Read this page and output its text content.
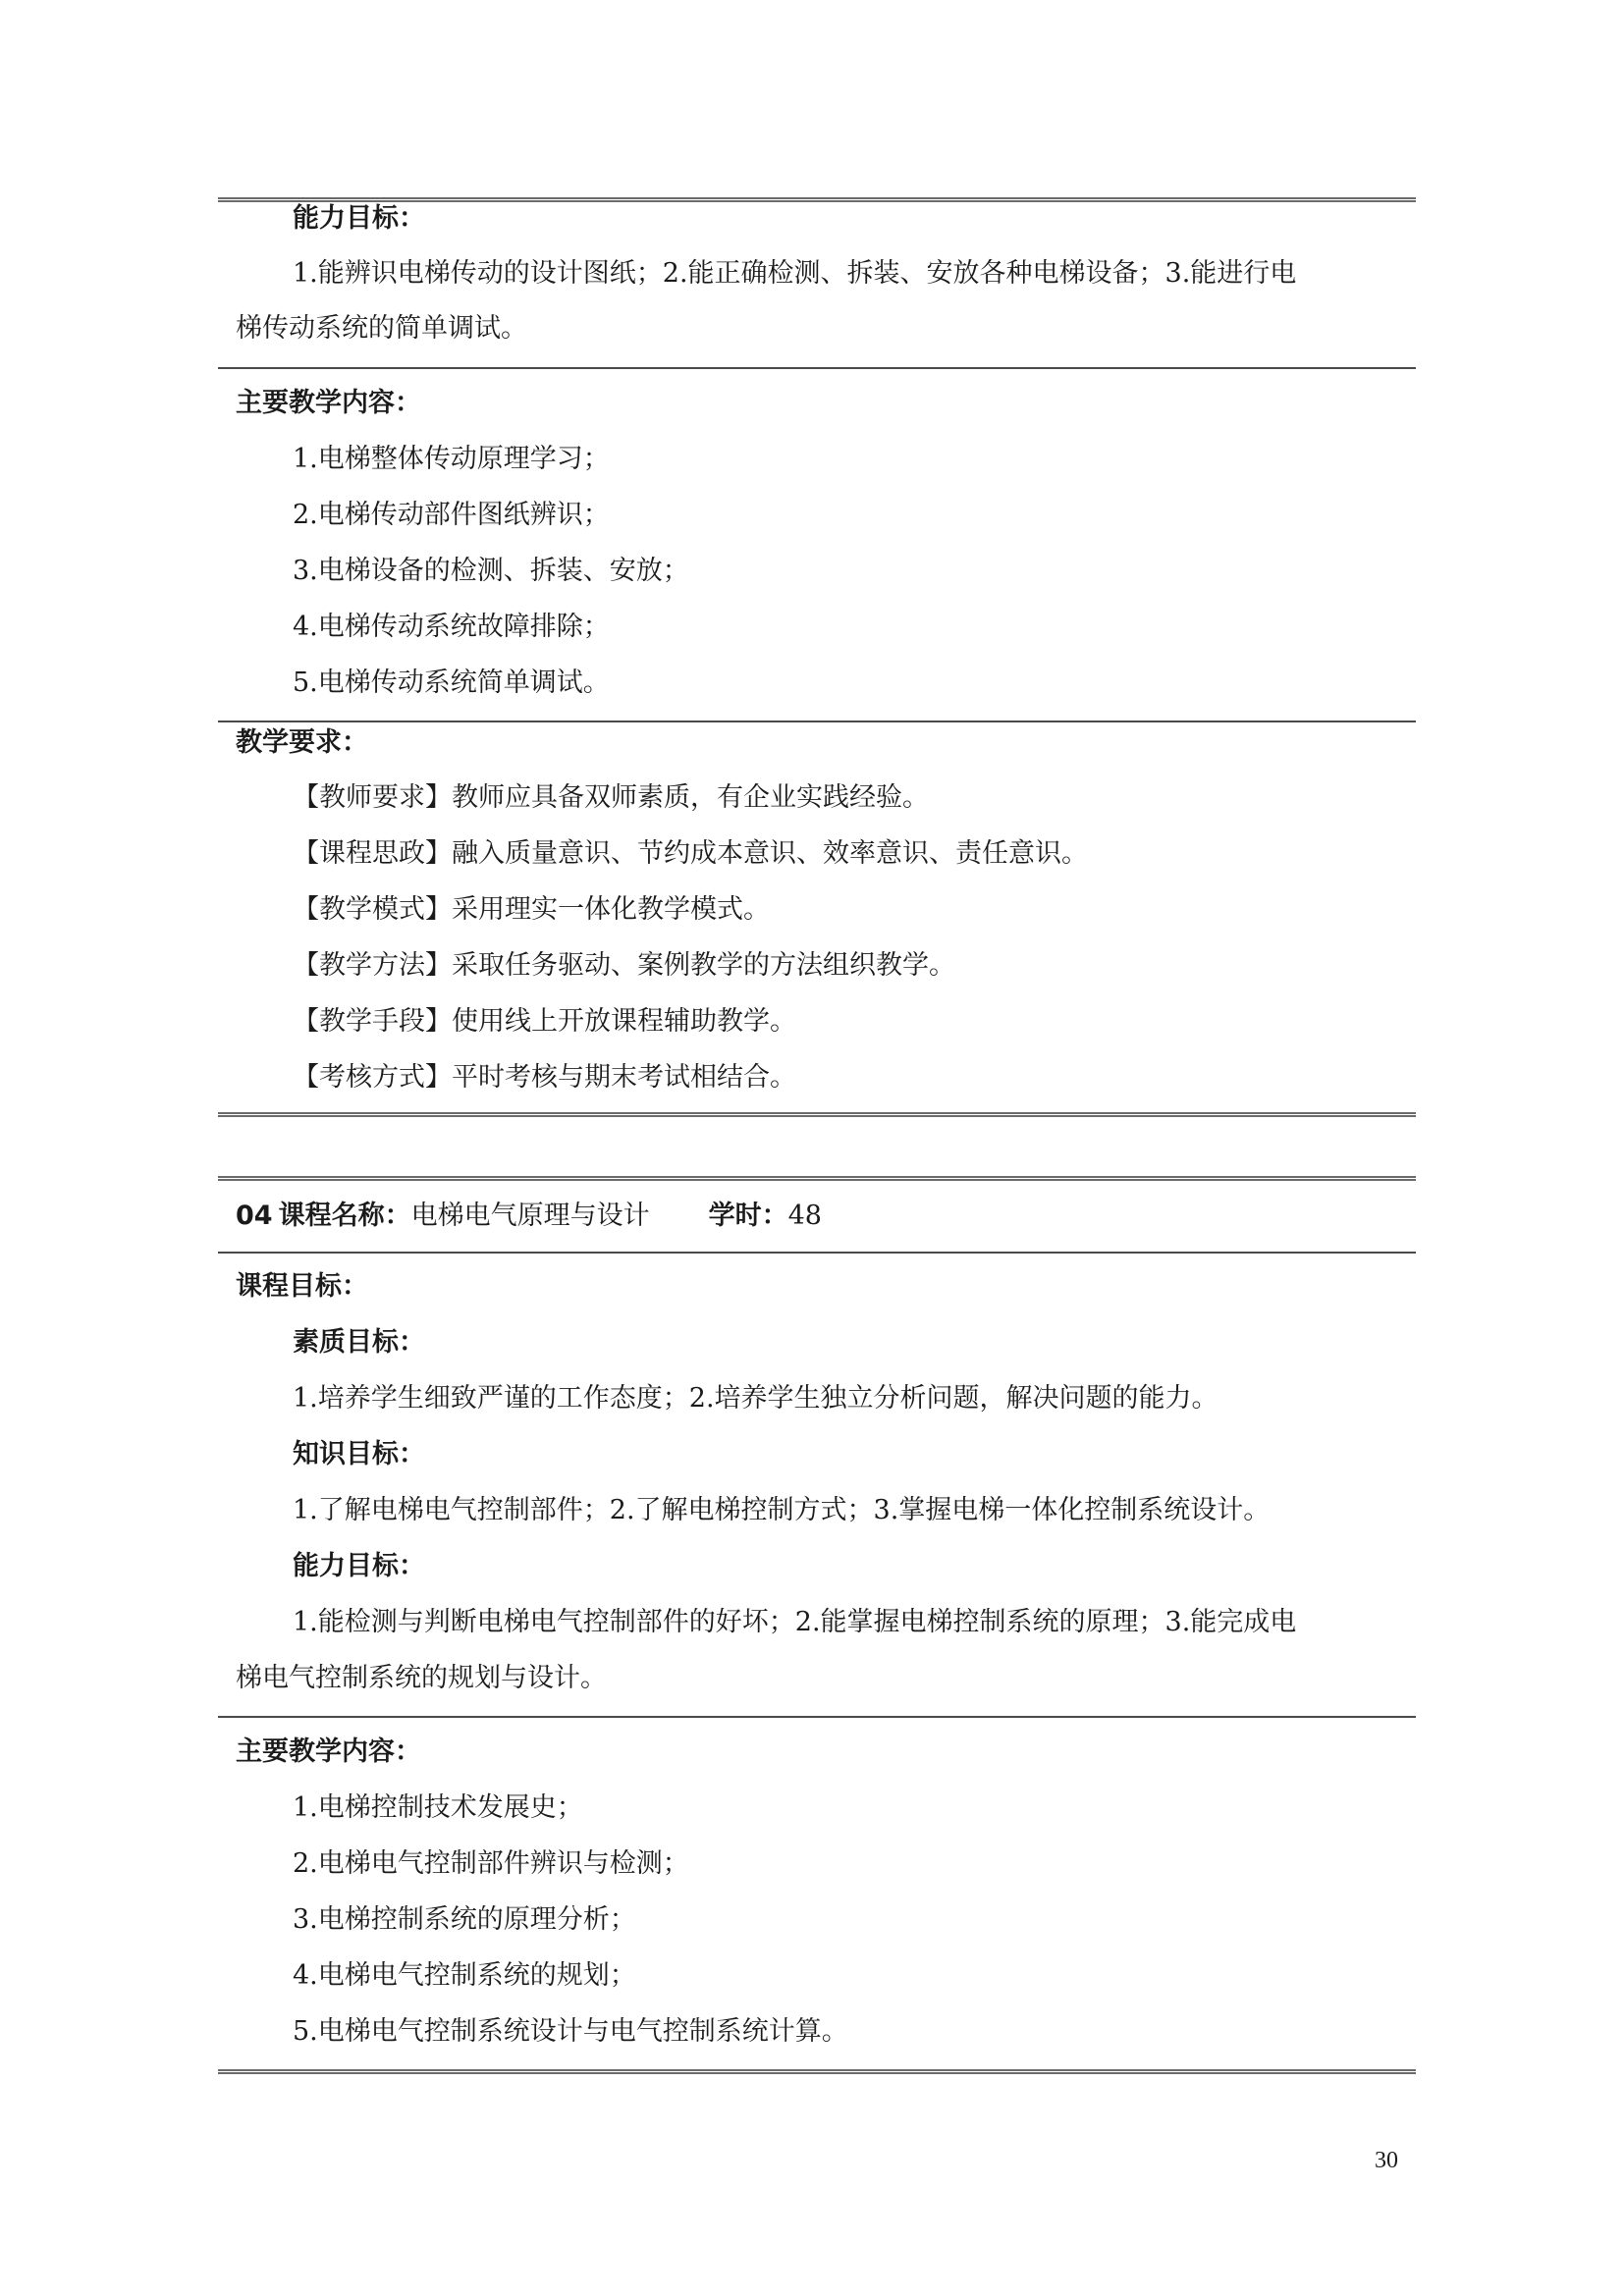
能力目标：
1.能辨识电梯传动的设计图纸；2.能正确检测、拆装、安放各种电梯设备；3.能进行电
梯传动系统的简单调试。
主要教学内容：
1.电梯整体传动原理学习；
2.电梯传动部件图纸辨识；
3.电梯设备的检测、拆装、安放；
4.电梯传动系统故障排除；
5.电梯传动系统简单调试。
教学要求：
【教师要求】教师应具备双师素质，有企业实践经验。
【课程思政】融入质量意识、节约成本意识、效率意识、责任意识。
【教学模式】采用理实一体化教学模式。
【教学方法】采取任务驱动、案例教学的方法组织教学。
【教学手段】使用线上开放课程辅助教学。
【考核方式】平时考核与期末考试相结合。
04 课程名称：电梯电气原理与设计 学时：48
课程目标：
素质目标：
1.培养学生细致严谨的工作态度；2.培养学生独立分析问题，解决问题的能力。
知识目标：
1.了解电梯电气控制部件；2.了解电梯控制方式；3.掌握电梯一体化控制系统设计。
能力目标：
1.能检测与判断电梯电气控制部件的好坏；2.能掌握电梯控制系统的原理；3.能完成电
梯电气控制系统的规划与设计。
主要教学内容：
1.电梯控制技术发展史；
2.电梯电气控制部件辨识与检测；
3.电梯控制系统的原理分析；
4.电梯电气控制系统的规划；
5.电梯电气控制系统设计与电气控制系统计算。
30
